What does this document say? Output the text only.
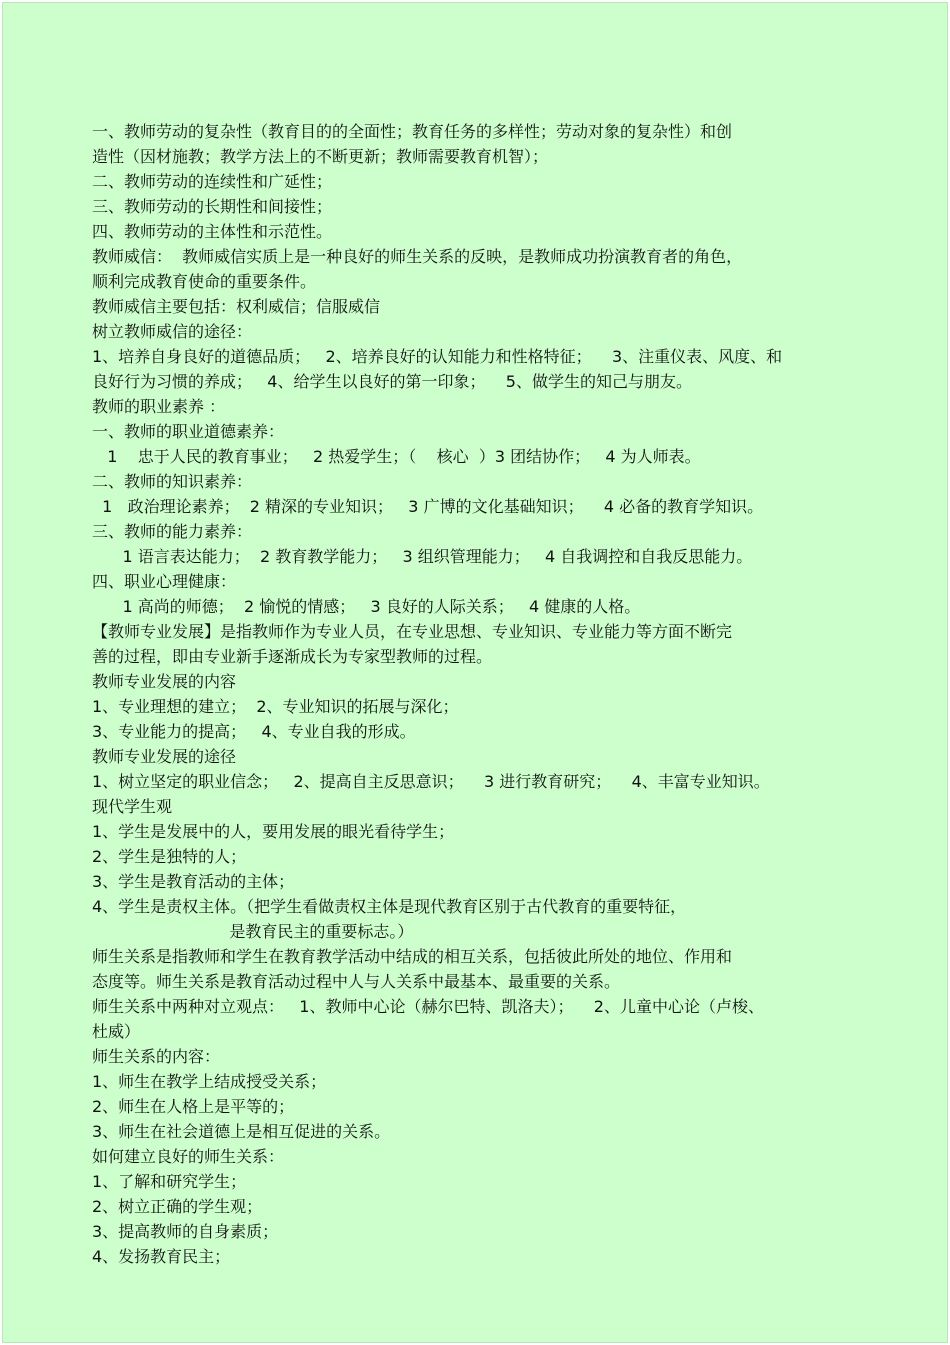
一、教师劳动的复杂性（教育目的的全面性；教育任务的多样性；劳动对象的复杂性）和创
造性（因材施教；教学方法上的不断更新；教师需要教育机智）；
二、教师劳动的连续性和广延性；
三、教师劳动的长期性和间接性；
四、教师劳动的主体性和示范性。
教师威信：  教师威信实质上是一种良好的师生关系的反映，是教师成功扮演教育者的角色，
顺利完成教育使命的重要条件。
教师威信主要包括：权利威信；信服威信
树立教师威信的途径：
1、培养自身良好的道德品质；   2、培养良好的认知能力和性格特征；    3、注重仪表、风度、和
良好行为习惯的养成；   4、给学生以良好的第一印象；    5、做学生的知己与朋友。
教师的职业素养 ：
一、教师的职业道德素养：
1    忠于人民的教育事业；   2 热爱学生；（    核心  ）3 团结协作；   4 为人师表。
二、教师的知识素养：
1   政治理论素养；  2 精深的专业知识；   3 广博的文化基础知识；    4 必备的教育学知识。
三、教师的能力素养：
1 语言表达能力；  2 教育教学能力；   3 组织管理能力；   4 自我调控和自我反思能力。
四、职业心理健康：
1 高尚的师德；  2 愉悦的情感；   3 良好的人际关系；   4 健康的人格。
【教师专业发展】是指教师作为专业人员，在专业思想、专业知识、专业能力等方面不断完
善的过程，即由专业新手逐渐成长为专家型教师的过程。
教师专业发展的内容
1、专业理想的建立；  2、专业知识的拓展与深化；
3、专业能力的提高；   4、专业自我的形成。
教师专业发展的途径
1、树立坚定的职业信念；   2、提高自主反思意识；    3 进行教育研究；    4、丰富专业知识。
现代学生观
1、学生是发展中的人，要用发展的眼光看待学生；
2、学生是独特的人；
3、学生是教育活动的主体；
4、学生是责权主体。（把学生看做责权主体是现代教育区别于古代教育的重要特征，
是教育民主的重要标志。）
师生关系是指教师和学生在教育教学活动中结成的相互关系，包括彼此所处的地位、作用和
态度等。师生关系是教育活动过程中人与人关系中最基本、最重要的关系。
师生关系中两种对立观点：   1、教师中心论（赫尔巴特、凯洛夫）；    2、儿童中心论（卢梭、
杜威）
师生关系的内容：
1、师生在教学上结成授受关系；
2、师生在人格上是平等的；
3、师生在社会道德上是相互促进的关系。
如何建立良好的师生关系：
1、了解和研究学生；
2、树立正确的学生观；
3、提高教师的自身素质；
4、发扬教育民主；
